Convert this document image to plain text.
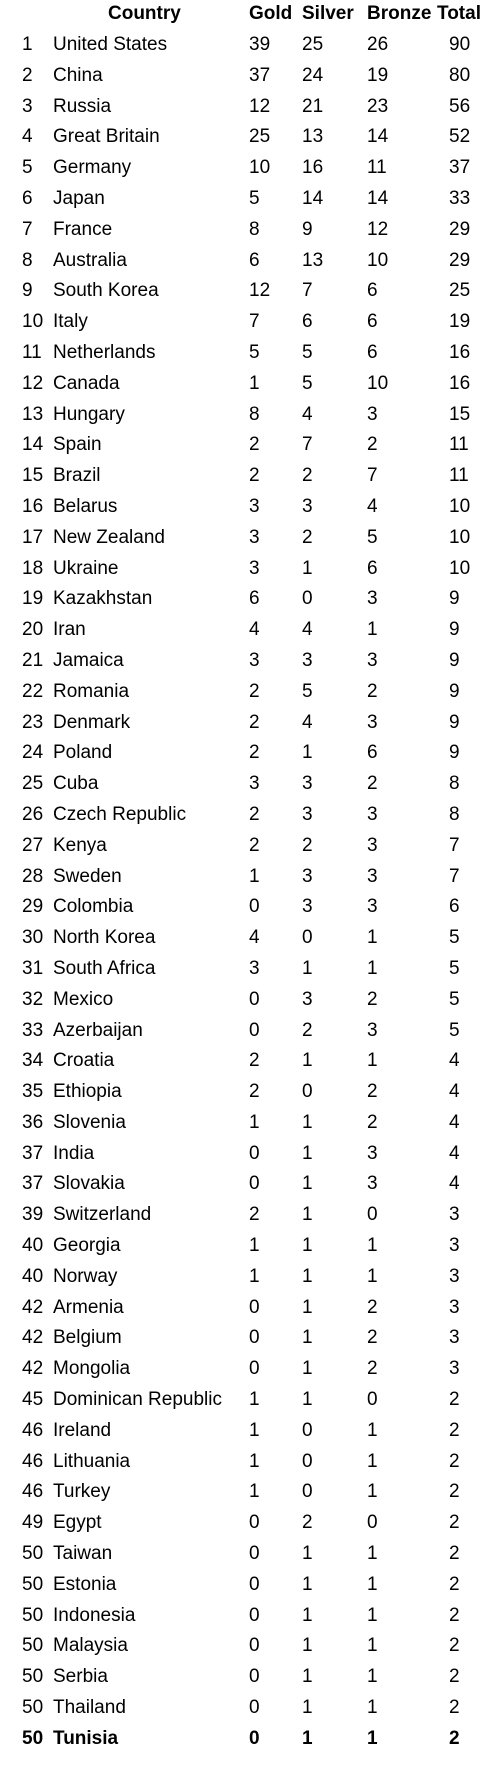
Country	Gold Silver Bronze Total
1 United States	39 25 26	90
2 China	37 24 19	80
3 Russia	12 21 23	56
4 Great Britain	25 13 14	52
5 Germany	10 16 11	37
6 Japan	5 14 14	33
7 France	8 9	12	29
8 Australia	6 13 10	29
9 South Korea	12 7	6	25
10 Italy	7 6	6	19
11 Netherlands	5 5	6	16
12 Canada	1 5	10	16
13 Hungary	8 4	3	15
14 Spain	2 7	2	11
15 Brazil	2 2	7	11
16 Belarus	3 3	4	10
17 New Zealand	3 2	5	10
18 Ukraine	3 1	6	10
19 Kazakhstan	6 0	3	9
20 Iran	4 4	1	9
21 Jamaica	3 3	3	9
22 Romania	2 5	2	9
23 Denmark	2 4	3	9
24 Poland	2 1	6	9
25 Cuba	3 3	2	8
26 Czech Republic	2 3	3	8
27 Kenya	2 2	3	7
28 Sweden	1 3	3	7
29 Colombia	0 3	3	6
30 North Korea	4 0	1	5
31 South Africa	3 1	1	5
32 Mexico	0 3	2	5
33 Azerbaijan	0 2	3	5
34 Croatia	2 1	1	4
35 Ethiopia	2 0	2	4
36 Slovenia	1 1	2	4
37 India	0 1	3	4
37 Slovakia	0 1	3	4
39 Switzerland	2 1	0	3
40 Georgia	1 1	1	3
40 Norway	1 1	1	3
42 Armenia	0 1	2	3
42 Belgium	0 1	2	3
42 Mongolia	0 1	2	3
45 Dominican Republic 1 1	0	2
46 Ireland	1 0	1	2
46 Lithuania	1 0	1	2
46 Turkey	1 0	1	2
49 Egypt	0 2	0	2
50 Taiwan	0 1	1	2
50 Estonia	0 1	1	2
50 Indonesia	0 1	1	2
50 Malaysia	0 1	1	2
50 Serbia	0 1	1	2
50 Thailand	0 1	1	2
50 Tunisia	0 1	1	2
